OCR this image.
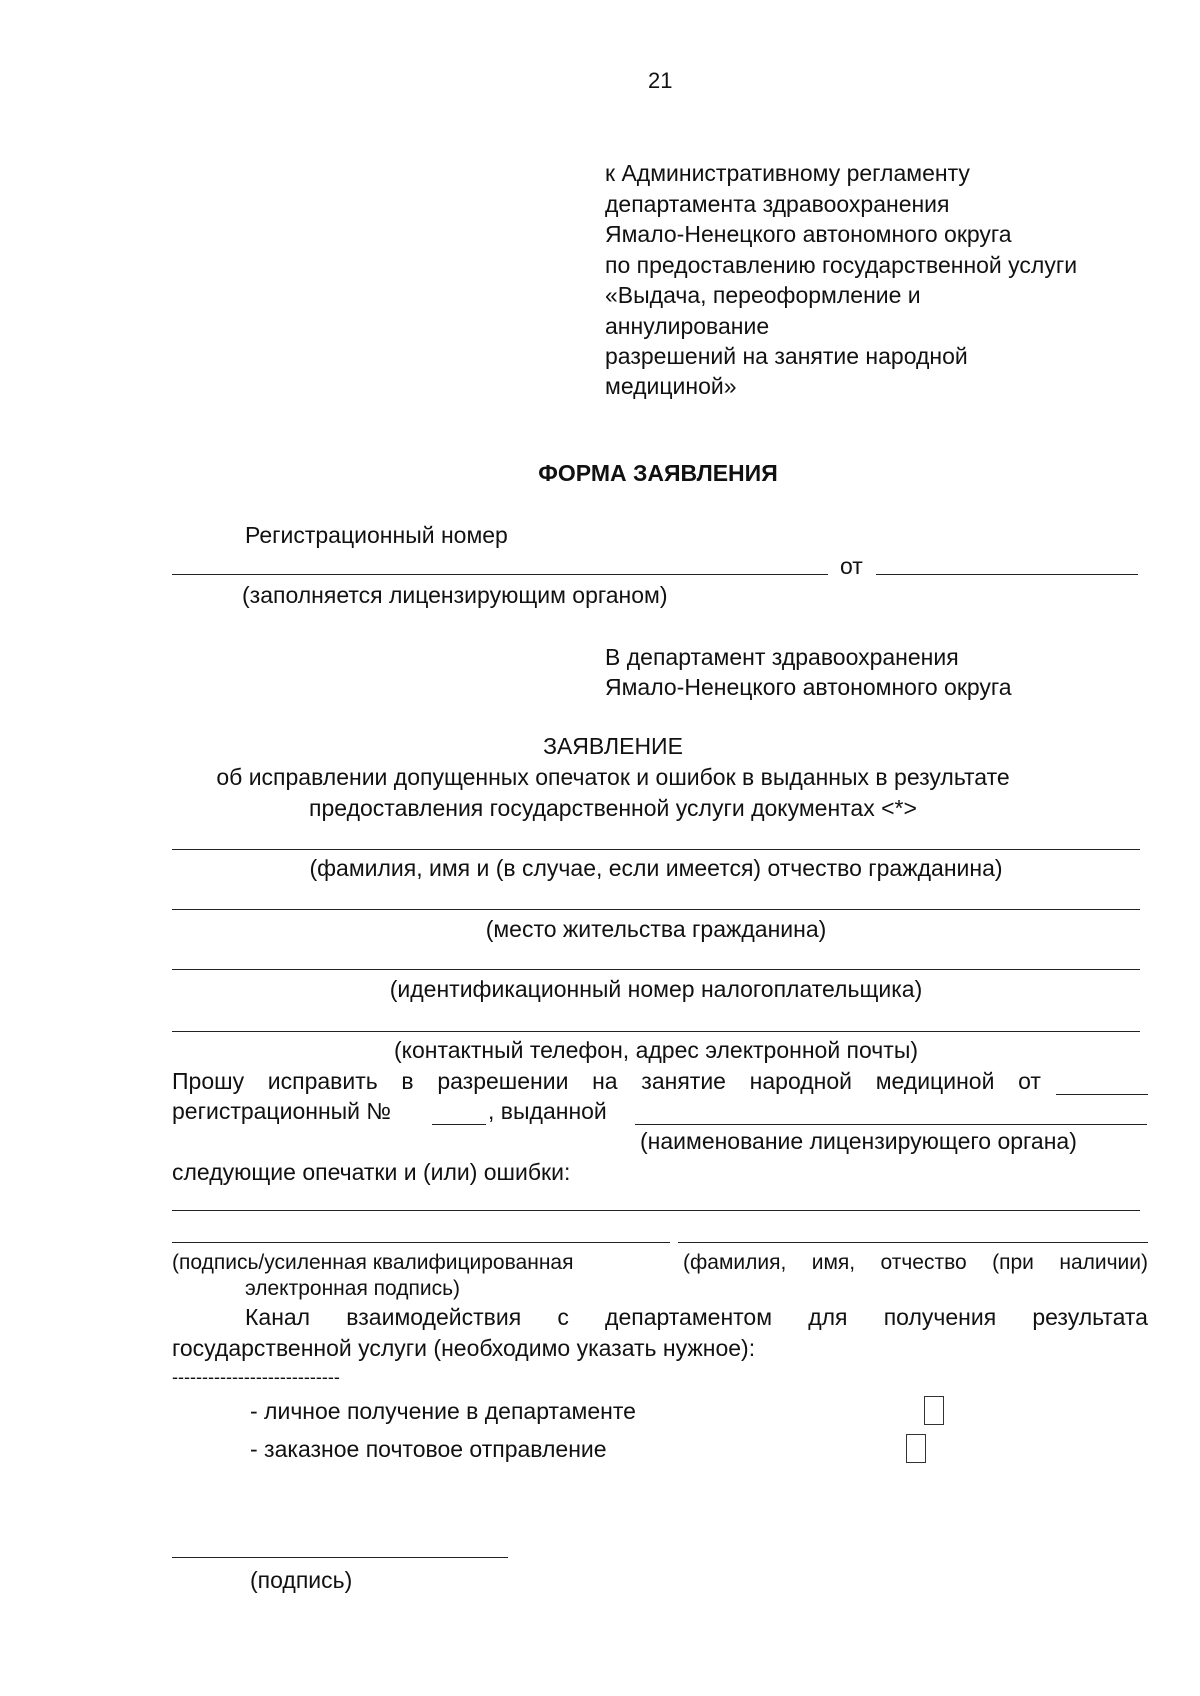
21
к Административному регламенту
департамента здравоохранения
Ямало-Ненецкого автономного округа
по предоставлению государственной услуги
«Выдача, переоформление и
аннулирование
разрешений на занятие народной
медициной»
ФОРМА ЗАЯВЛЕНИЯ
Регистрационный номер
от
(заполняется лицензирующим органом)
В департамент здравоохранения
Ямало-Ненецкого автономного округа
ЗАЯВЛЕНИЕ
об исправлении допущенных опечаток и ошибок в выданных в результате
предоставления государственной услуги документах <*>
(фамилия, имя и (в случае, если имеется) отчество гражданина)
(место жительства гражданина)
(идентификационный номер налогоплательщика)
(контактный телефон, адрес электронной почты)
Прошу исправить в разрешении на занятие народной медициной от
регистрационный №	, выданной
(наименование лицензирующего органа)
следующие опечатки и (или) ошибки:
(подпись/усиленная квалифицированная
электронная подпись)
(фамилия, имя, отчество (при наличии)
Канал взаимодействия с департаментом для получения результата
государственной услуги (необходимо указать нужное):
----------------------------
- личное получение в департаменте
- заказное почтовое отправление
(подпись)
